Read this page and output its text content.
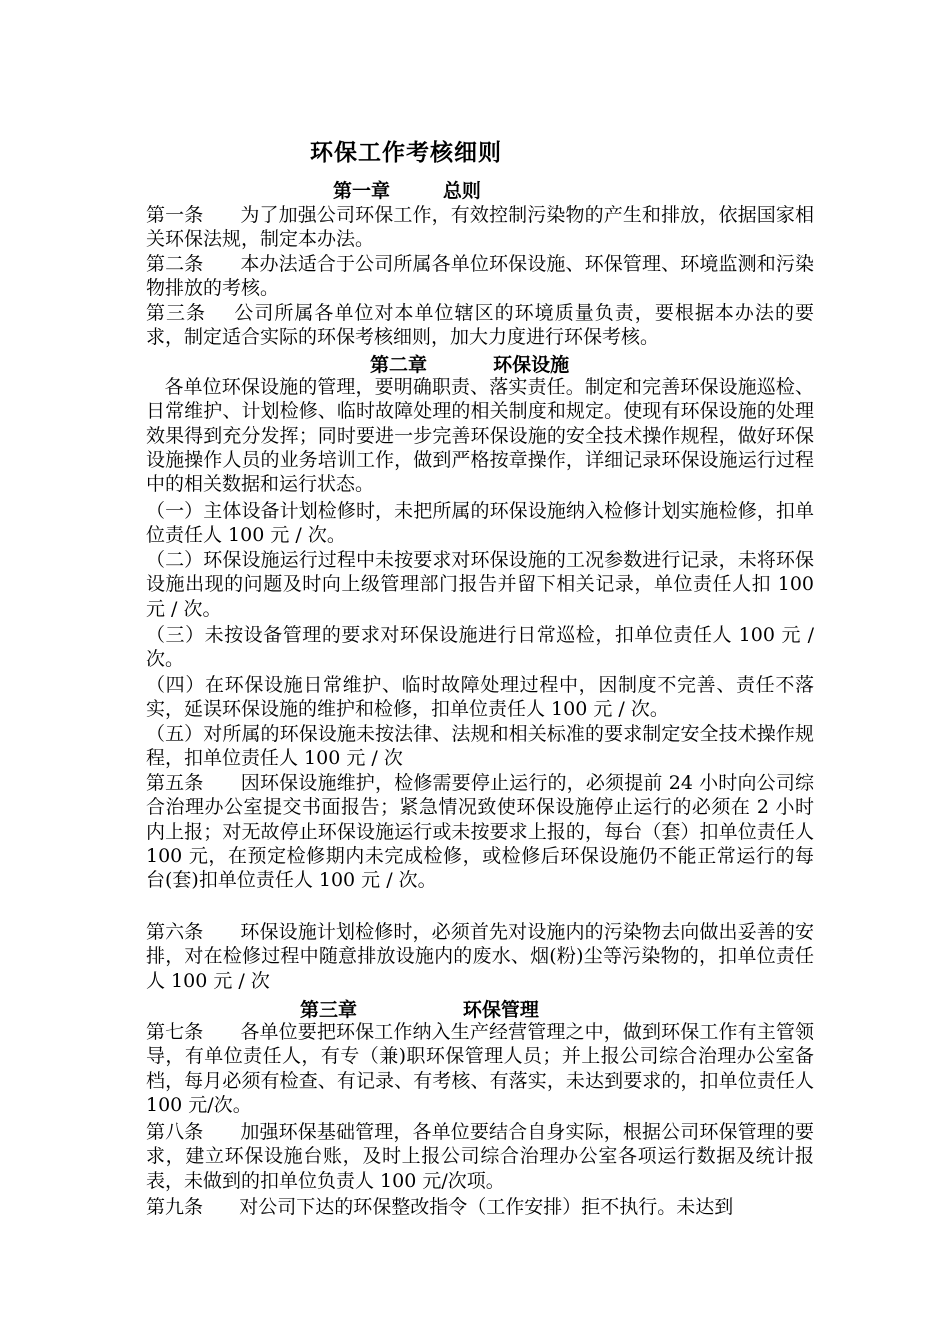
环保工作考核细则
第一章        总则
第一条      为了加强公司环保工作，有效控制污染物的产生和排放，依据国家相关环保法规，制定本办法。
第二条      本办法适合于公司所属各单位环保设施、环保管理、环境监测和污染物排放的考核。
第三条    公司所属各单位对本单位辖区的环境质量负责，要根据本办法的要求，制定适合实际的环保考核细则，加大力度进行环保考核。
第二章          环保设施
各单位环保设施的管理，要明确职责、落实责任。制定和完善环保设施巡检、日常维护、计划检修、临时故障处理的相关制度和规定。使现有环保设施的处理效果得到充分发挥；同时要进一步完善环保设施的安全技术操作规程，做好环保设施操作人员的业务培训工作，做到严格按章操作，详细记录环保设施运行过程中的相关数据和运行状态。
（一）主体设备计划检修时，未把所属的环保设施纳入检修计划实施检修，扣单位责任人 100 元 / 次。
（二）环保设施运行过程中未按要求对环保设施的工况参数进行记录，未将环保设施出现的问题及时向上级管理部门报告并留下相关记录，单位责任人扣 100 元 / 次。
（三）未按设备管理的要求对环保设施进行日常巡检，扣单位责任人 100 元 / 次。
（四）在环保设施日常维护、临时故障处理过程中，因制度不完善、责任不落实，延误环保设施的维护和检修，扣单位责任人 100 元 / 次。
（五）对所属的环保设施未按法律、法规和相关标准的要求制定安全技术操作规程，扣单位责任人 100 元 / 次
第五条      因环保设施维护，检修需要停止运行的，必须提前 24 小时向公司综合治理办公室提交书面报告；紧急情况致使环保设施停止运行的必须在 2 小时内上报；对无故停止环保设施运行或未按要求上报的，每台（套）扣单位责任人 100 元，在预定检修期内未完成检修，或检修后环保设施仍不能正常运行的每台(套)扣单位责任人 100 元 / 次。
第六条      环保设施计划检修时，必须首先对设施内的污染物去向做出妥善的安排，对在检修过程中随意排放设施内的废水、烟(粉)尘等污染物的，扣单位责任人 100 元 / 次
第三章                环保管理
第七条      各单位要把环保工作纳入生产经营管理之中，做到环保工作有主管领导，有单位责任人，有专（兼)职环保管理人员；并上报公司综合治理办公室备档，每月必须有检查、有记录、有考核、有落实，未达到要求的，扣单位责任人 100 元/次。
第八条      加强环保基础管理，各单位要结合自身实际，根据公司环保管理的要求，建立环保设施台账，及时上报公司综合治理办公室各项运行数据及统计报表，未做到的扣单位负责人 100 元/次项。
第九条      对公司下达的环保整改指令（工作安排）拒不执行。未达到
